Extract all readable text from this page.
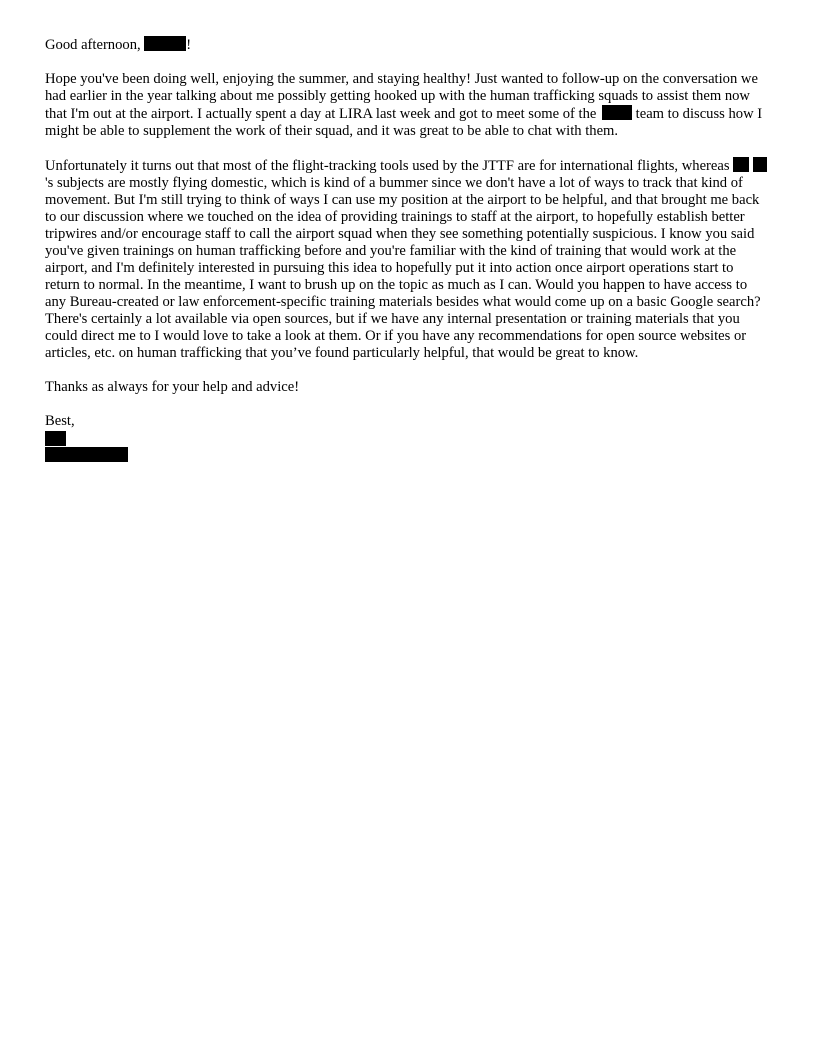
Good afternoon,	!

Hope you've been doing well, enjoying the summer, and staying healthy! Just wanted to follow-up on the conversation we had earlier in the year talking about me possibly getting hooked up with the human trafficking squads to assist them now that I'm out at the airport. I actually spent a day at LIRA last week and got to meet some of the  team to discuss how I might be able to supplement the work of their squad, and it was great to be able to chat with them.

Unfortunately it turns out that most of the flight-tracking tools used by the JTTF are for international flights, whereas  's subjects are mostly flying domestic, which is kind of a bummer since we don't have a lot of ways to track that kind of movement. But I'm still trying to think of ways I can use my position at the airport to be helpful, and that brought me back to our discussion where we touched on the idea of providing trainings to staff at the airport, to hopefully establish better tripwires and/or encourage staff to call the airport squad when they see something potentially suspicious. I know you said you've given trainings on human trafficking before and you're familiar with the kind of training that would work at the airport, and I'm definitely interested in pursuing this idea to hopefully put it into action once airport operations start to return to normal. In the meantime, I want to brush up on the topic as much as I can. Would you happen to have access to any Bureau-created or law enforcement-specific training materials besides what would come up on a basic Google search? There's certainly a lot available via open sources, but if we have any internal presentation or training materials that you could direct me to I would love to take a look at them. Or if you have any recommendations for open source websites or articles, etc. on human trafficking that you’ve found particularly helpful, that would be great to know.

Thanks as always for your help and advice!

Best,
